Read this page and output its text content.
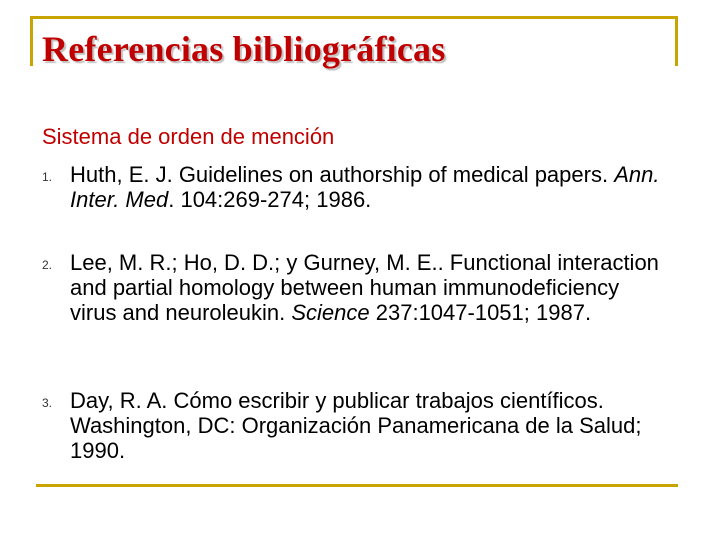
Referencias bibliográficas
Sistema de orden de mención
1. Huth, E. J. Guidelines on authorship of medical papers. Ann. Inter. Med. 104:269-274; 1986.
2. Lee, M. R.; Ho, D. D.; y Gurney, M. E.. Functional interaction and partial homology between human immunodeficiency virus and neuroleukin. Science 237:1047-1051; 1987.
3. Day, R. A. Cómo escribir y publicar trabajos científicos. Washington, DC: Organización Panamericana de la Salud; 1990.
